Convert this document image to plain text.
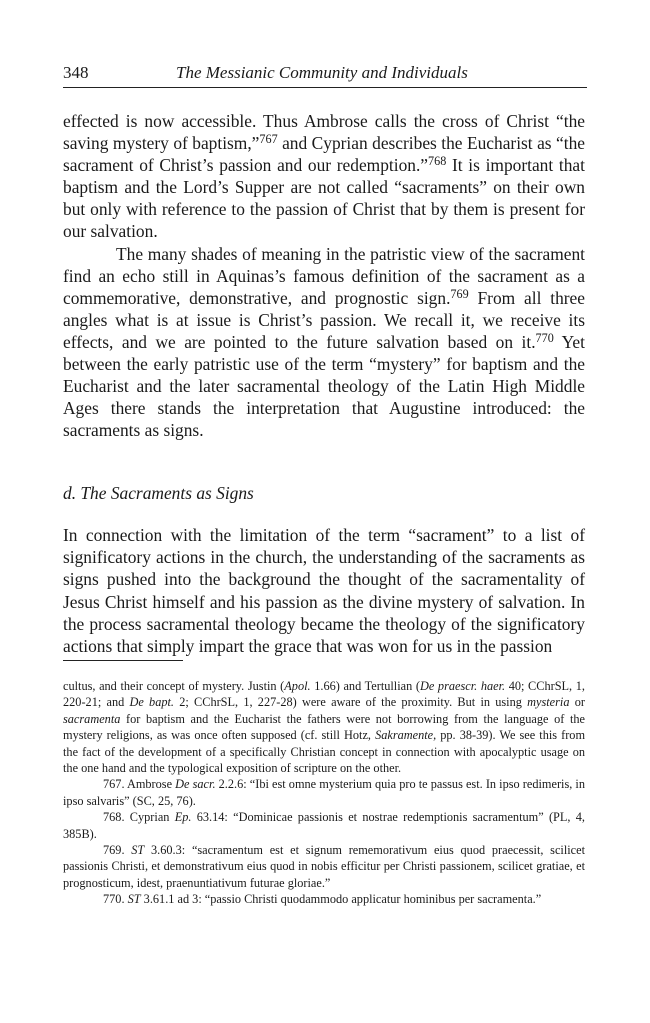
348	The Messianic Community and Individuals

effected is now accessible. Thus Ambrose calls the cross of Christ “the saving mystery of baptism,”$^{767}$ and Cyprian describes the Eucharist as “the sacrament of Christ’s passion and our redemption.”$^{768}$ It is important that baptism and the Lord’s Supper are not called “sacraments” on their own but only with reference to the passion of Christ that by them is present for our salvation.

The many shades of meaning in the patristic view of the sacrament find an echo still in Aquinas’s famous definition of the sacrament as a commemorative, demonstrative, and prognostic sign.$^{769}$ From all three angles what is at issue is Christ’s passion. We recall it, we receive its effects, and we are pointed to the future salvation based on it.$^{770}$ Yet between the early patristic use of the term “mystery” for baptism and the Eucharist and the later sacramental theology of the Latin High Middle Ages there stands the interpretation that Augustine introduced: the sacraments as signs.

d. The Sacraments as Signs

In connection with the limitation of the term “sacrament” to a list of significatory actions in the church, the understanding of the sacraments as signs pushed into the background the thought of the sacramentality of Jesus Christ himself and his passion as the divine mystery of salvation. In the process sacramental theology became the theology of the significatory actions that simply impart the grace that was won for us in the passion

cultus, and their concept of mystery. Justin (Apol. 1.66) and Tertullian (De praescr. haer. 40; CChrSL, 1, 220-21; and De bapt. 2; CChrSL, 1, 227-28) were aware of the proximity. But in using mysteria or sacramenta for baptism and the Eucharist the fathers were not borrowing from the language of the mystery religions, as was once often supposed (cf. still Hotz, Sakramente, pp. 38-39). We see this from the fact of the development of a specifically Christian concept in connection with apocalyptic usage on the one hand and the typological exposition of scripture on the other.

767. Ambrose De sacr. 2.2.6: “Ibi est omne mysterium quia pro te passus est. In ipso redimeris, in ipso salvaris” (SC, 25, 76).

768. Cyprian Ep. 63.14: “Dominicae passionis et nostrae redemptionis sacramentum” (PL, 4, 385B).

769. ST 3.60.3: “sacramentum est et signum rememorativum eius quod praecessit, scilicet passionis Christi, et demonstrativum eius quod in nobis efficitur per Christi passionem, scilicet gratiae, et prognosticum, idest, praenuntiativum futurae gloriae.”

770. ST 3.61.1 ad 3: “passio Christi quodammodo applicatur hominibus per sacramenta.”
